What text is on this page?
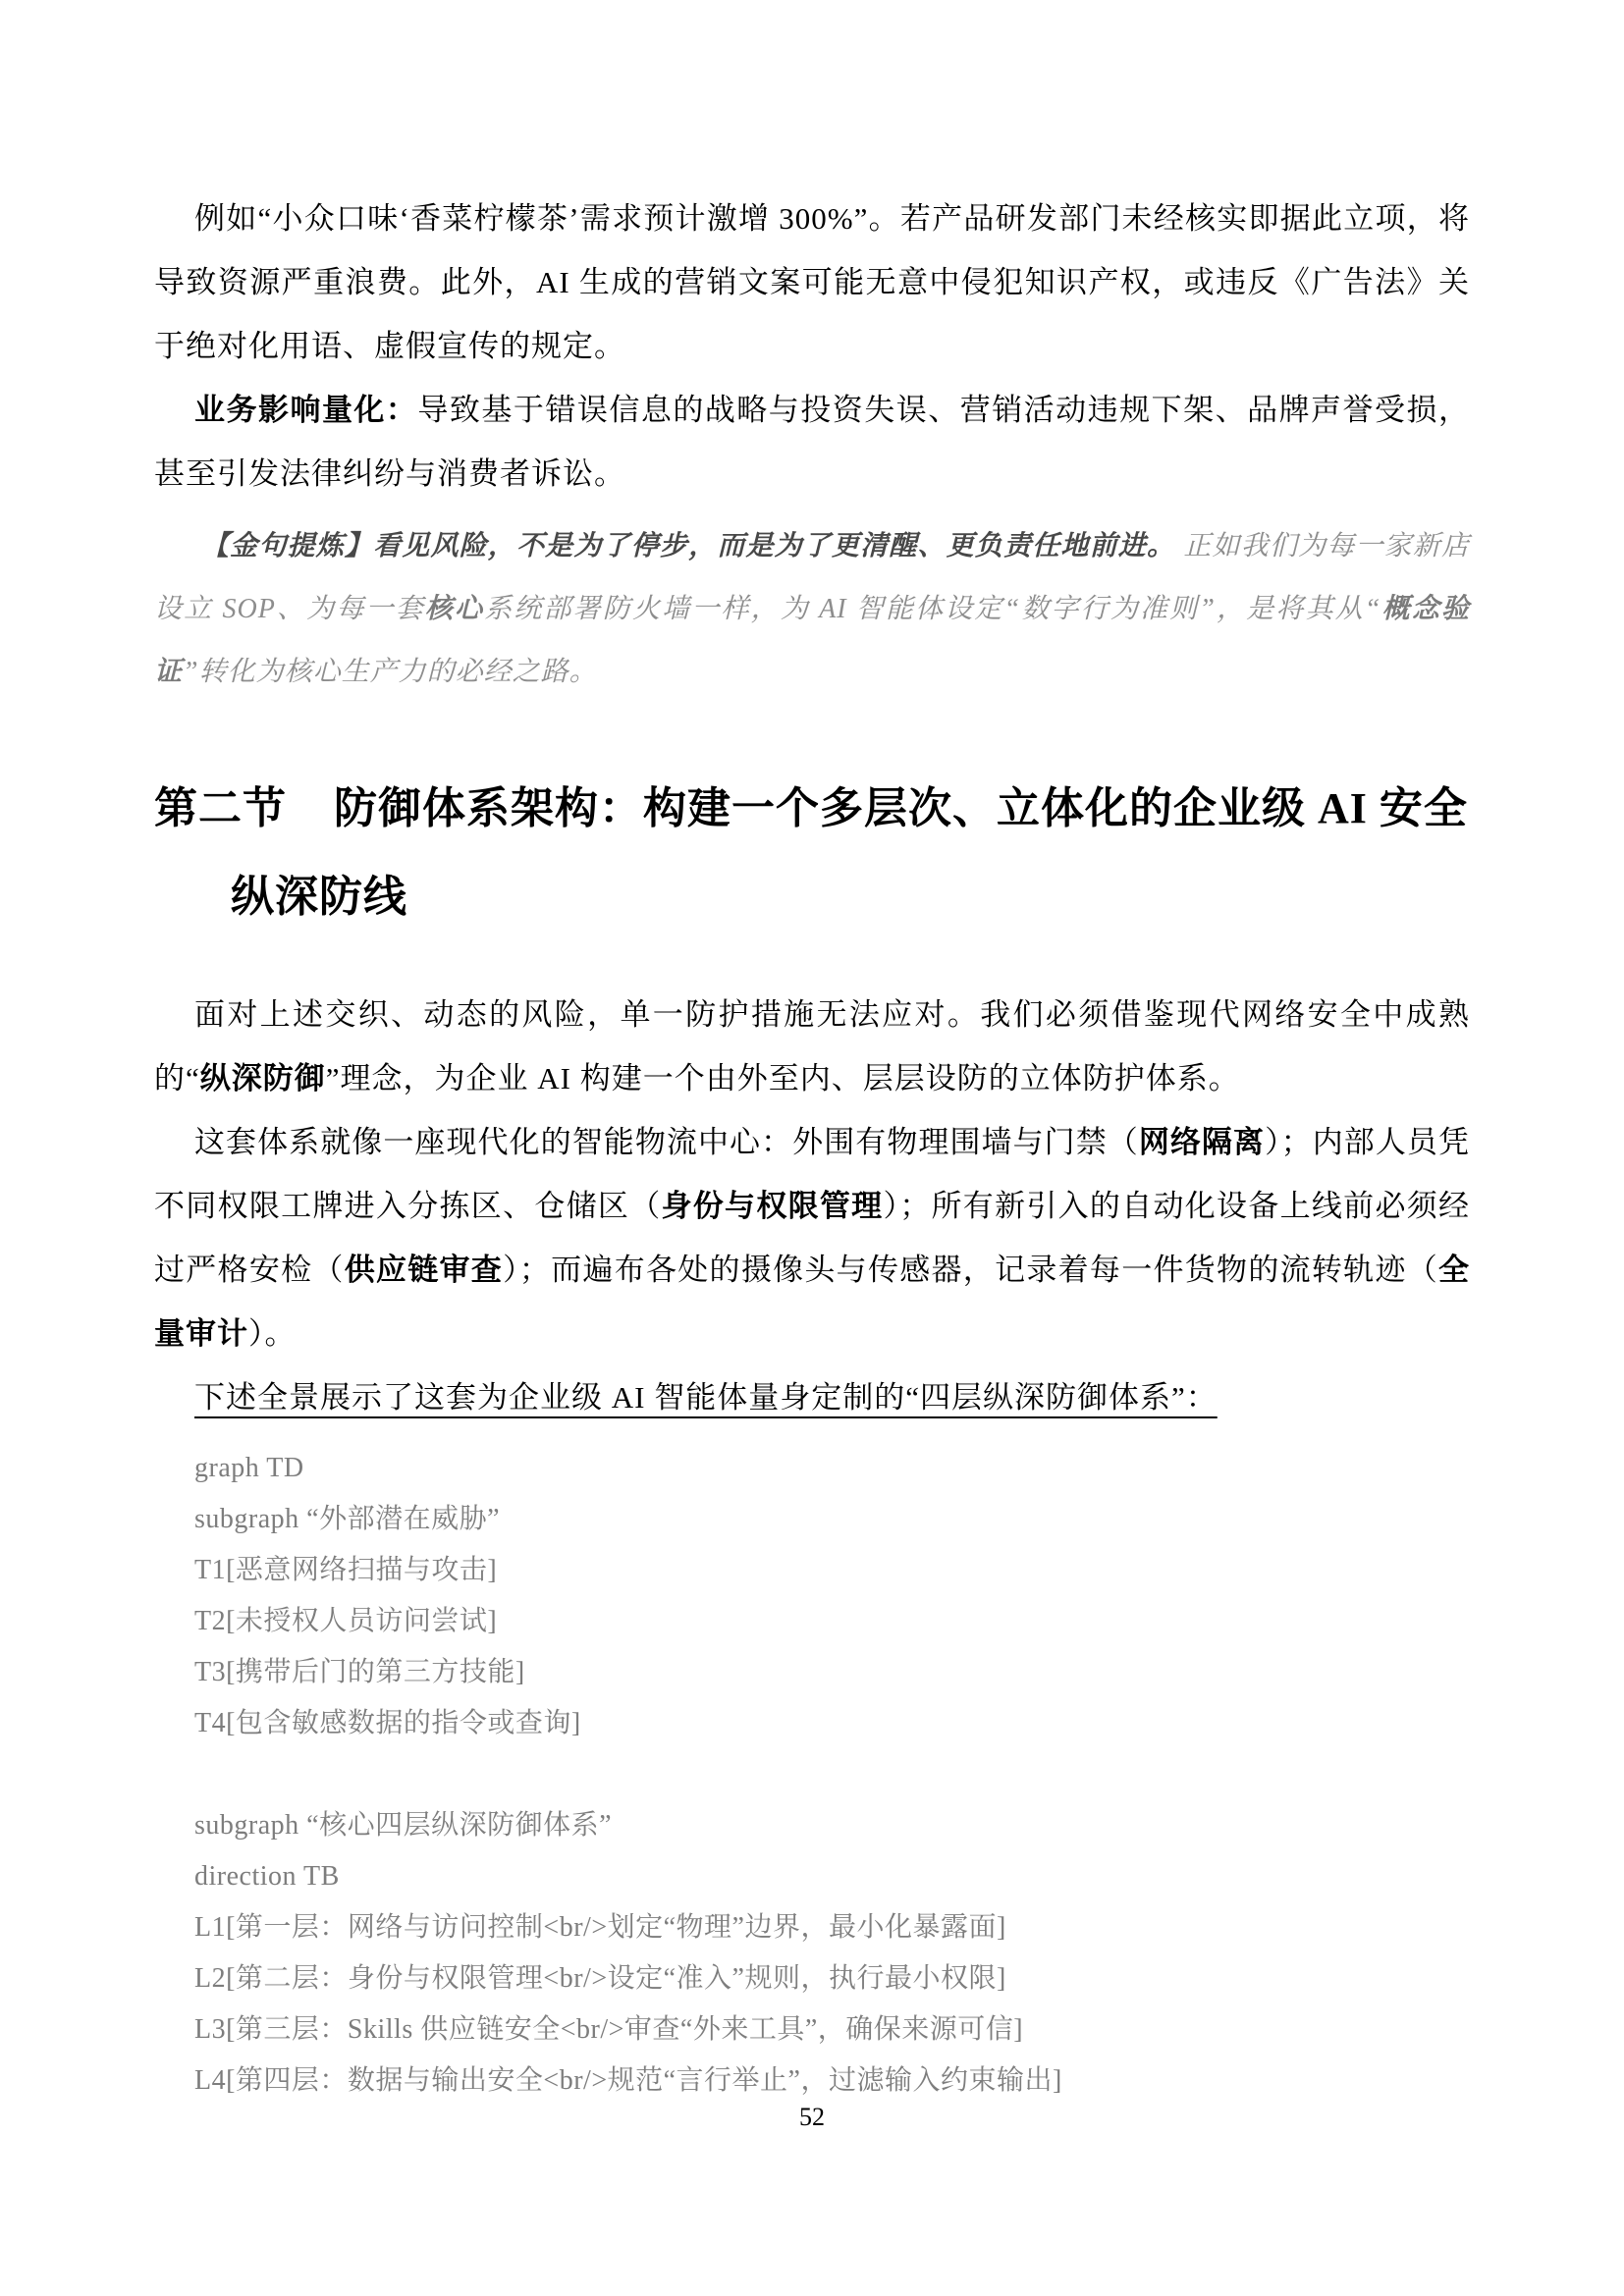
例如“小众口味‘香菜柠檬茶’需求预计激增 300%”。若产品研发部门未经核实即据此立项，将导致资源严重浪费。此外，AI 生成的营销文案可能无意中侵犯知识产权，或违反《广告法》关于绝对化用语、虚假宣传的规定。

业务影响量化：导致基于错误信息的战略与投资失误、营销活动违规下架、品牌声誉受损，甚至引发法律纠纷与消费者诉讼。

【金句提炼】看见风险，不是为了停步，而是为了更清醒、更负责任地前进。 正如我们为每一家新店设立 SOP、为每一套核心系统部署防火墙一样，为 AI 智能体设定“数字行为准则”，是将其从“概念验证”转化为核心生产力的必经之路。

第二节 防御体系架构：构建一个多层次、立体化的企业级 AI 安全
纵深防线

面对上述交织、动态的风险，单一防护措施无法应对。我们必须借鉴现代网络安全中成熟的“纵深防御”理念，为企业 AI 构建一个由外至内、层层设防的立体防护体系。

这套体系就像一座现代化的智能物流中心：外围有物理围墙与门禁（网络隔离）；内部人员凭不同权限工牌进入分拣区、仓储区（身份与权限管理）；所有新引入的自动化设备上线前必须经过严格安检（供应链审查）；而遍布各处的摄像头与传感器，记录着每一件货物的流转轨迹（全量审计）。

下述全景展示了这套为企业级 AI 智能体量身定制的“四层纵深防御体系”：

graph TD
subgraph “外部潜在威胁”
T1[恶意网络扫描与攻击]
T2[未授权人员访问尝试]
T3[携带后门的第三方技能]
T4[包含敏感数据的指令或查询]
subgraph “核心四层纵深防御体系”
direction TB
L1[第一层：网络与访问控制<br/>划定“物理”边界，最小化暴露面]
L2[第二层：身份与权限管理<br/>设定“准入”规则，执行最小权限]
L3[第三层：Skills 供应链安全<br/>审查“外来工具”，确保来源可信]
L4[第四层：数据与输出安全<br/>规范“言行举止”，过滤输入约束输出]
52
